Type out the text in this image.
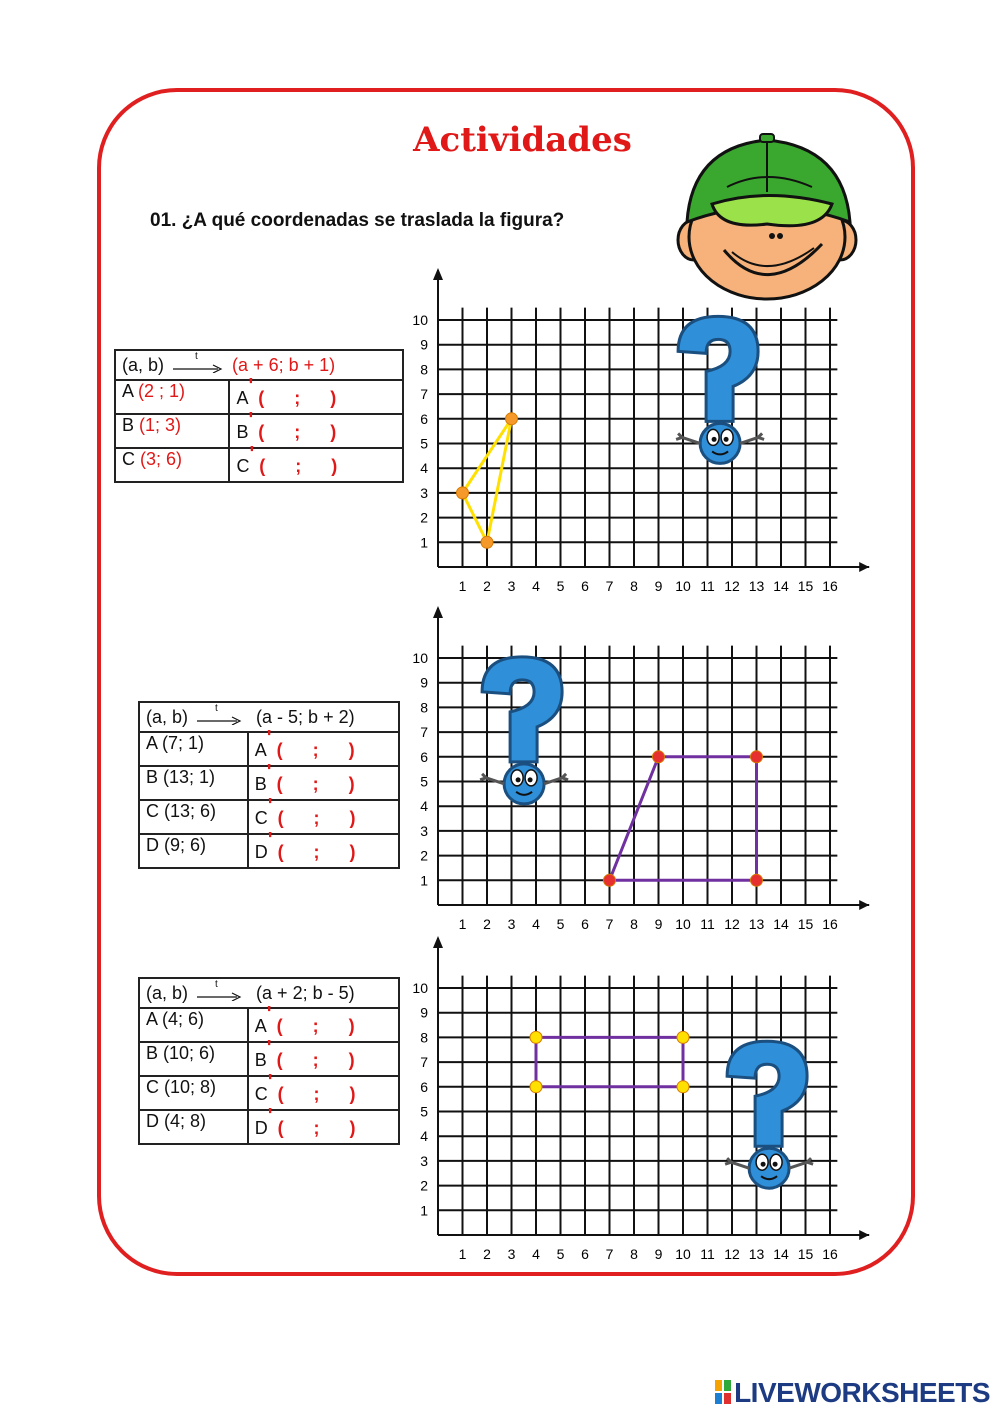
Actividades
01. ¿A qué coordenadas se traslada la figura?
(a, b) t (a + 6; b + 1)	
A (2 ; 1)	A' (    ;    )
B (1; 3)	B' (    ;    )
C (3; 6)	C' (    ;    )
(a, b) t (a - 5; b + 2)	
A (7; 1)	A' (    ;    )
B (13; 1)	B' (    ;    )
C (13; 6)	C' (    ;    )
D (9; 6)	D' (    ;    )
(a, b) t (a + 2; b - 5)	
A (4; 6)	A' (    ;    )
B (10; 6)	B' (    ;    )
C (10; 8)	C' (    ;    )
D (4; 8)	D' (    ;    )
1 2 3 4 5 6 7 8 9 10 11 12 13 14 15 16
1
2
3
4
5
6
7
8
9
10
1 2 3 4 5 6 7 8 9 10 11 12 13 14 15 16
1
2
3
4
5
6
7
8
9
10
1 2 3 4 5 6 7 8 9 10 11 12 13 14 15 16
1
2
3
4
5
6
7
8
9
10
LIVEWORKSHEETS
